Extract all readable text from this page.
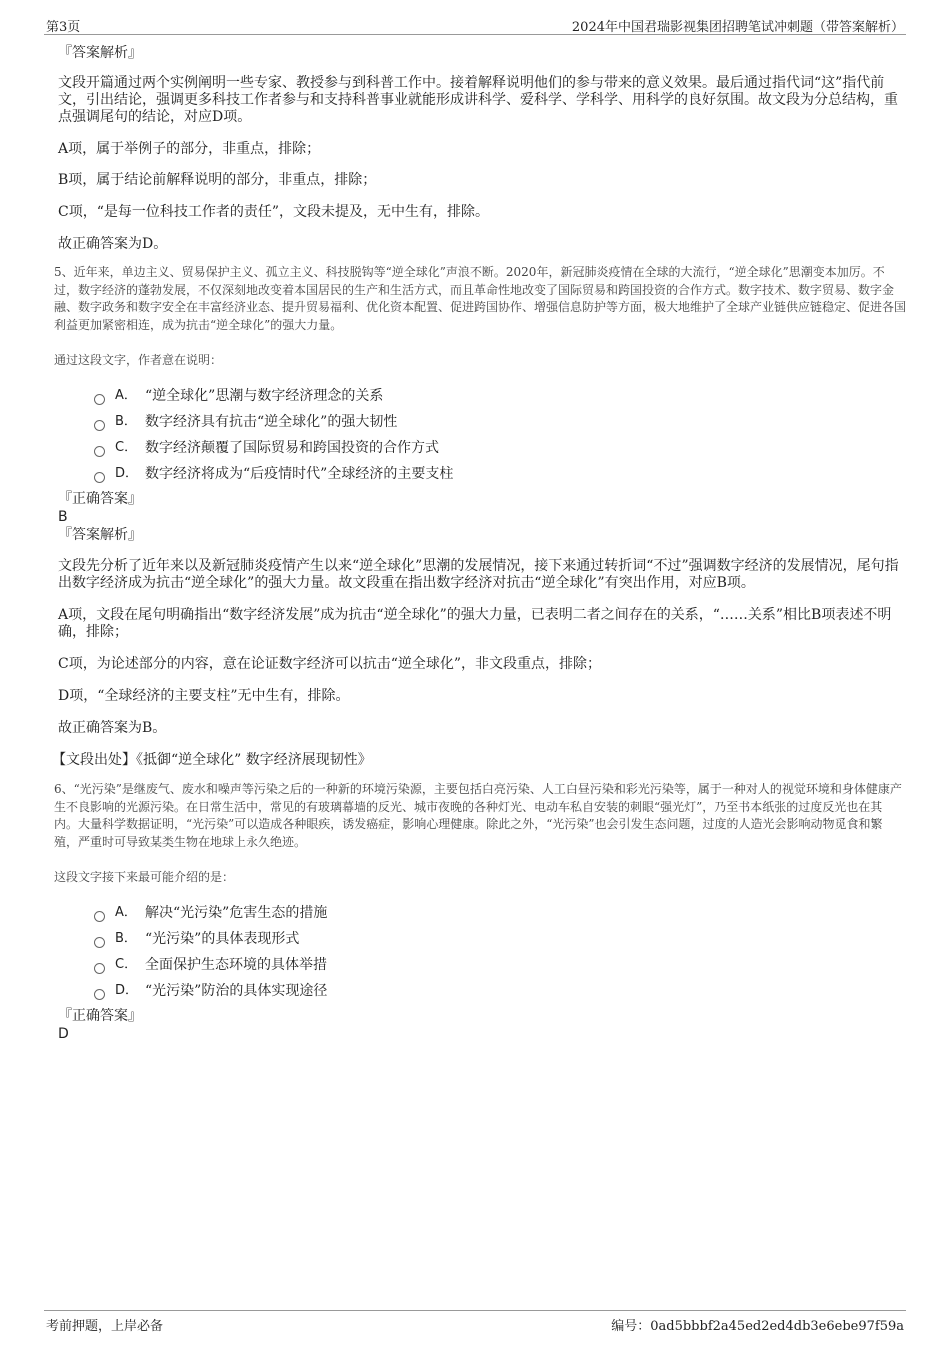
第3页	2024年中国君瑞影视集团招聘笔试冲刺题（带答案解析）
『答案解析』
文段开篇通过两个实例阐明一些专家、教授参与到科普工作中。接着解释说明他们的参与带来的意义效果。最后通过指代词“这”指代前文，引出结论，强调更多科技工作者参与和支持科普事业就能形成讲科学、爱科学、学科学、用科学的良好氛围。故文段为分总结构，重点强调尾句的结论，对应D项。
A项，属于举例子的部分，非重点，排除；
B项，属于结论前解释说明的部分，非重点，排除；
C项，“是每一位科技工作者的责任”，文段未提及，无中生有，排除。
故正确答案为D。
5、近年来，单边主义、贸易保护主义、孤立主义、科技脱钩等“逆全球化”声浪不断。2020年，新冠肺炎疫情在全球的大流行，“逆全球化”思潮变本加厉。不过，数字经济的蓬勃发展，不仅深刻地改变着本国居民的生产和生活方式，而且革命性地改变了国际贸易和跨国投资的合作方式。数字技术、数字贸易、数字金融、数字政务和数字安全在丰富经济业态、提升贸易福利、优化资本配置、促进跨国协作、增强信息防护等方面，极大地维护了全球产业链供应链稳定、促进各国利益更加紧密相连，成为抗击“逆全球化”的强大力量。
通过这段文字，作者意在说明：
A． “逆全球化”思潮与数字经济理念的关系
B． 数字经济具有抗击“逆全球化”的强大韧性
C． 数字经济颠覆了国际贸易和跨国投资的合作方式
D． 数字经济将成为“后疫情时代”全球经济的主要支柱
『正确答案』
B
『答案解析』
文段先分析了近年来以及新冠肺炎疫情产生以来“逆全球化”思潮的发展情况，接下来通过转折词“不过”强调数字经济的发展情况，尾句指出数字经济成为抗击“逆全球化”的强大力量。故文段重在指出数字经济对抗击“逆全球化”有突出作用，对应B项。
A项，文段在尾句明确指出“数字经济发展”成为抗击“逆全球化”的强大力量，已表明二者之间存在的关系，“……关系”相比B项表述不明确，排除；
C项，为论述部分的内容，意在论证数字经济可以抗击“逆全球化”，非文段重点，排除；
D项，“全球经济的主要支柱”无中生有，排除。
故正确答案为B。
【文段出处】《抵御“逆全球化” 数字经济展现韧性》
6、“光污染”是继废气、废水和噪声等污染之后的一种新的环境污染源，主要包括白亮污染、人工白昼污染和彩光污染等，属于一种对人的视觉环境和身体健康产生不良影响的光源污染。在日常生活中，常见的有玻璃幕墙的反光、城市夜晚的各种灯光、电动车私自安装的刺眼“强光灯”，乃至书本纸张的过度反光也在其内。大量科学数据证明，“光污染”可以造成各种眼疾，诱发癌症，影响心理健康。除此之外，“光污染”也会引发生态问题，过度的人造光会影响动物觅食和繁殖，严重时可导致某类生物在地球上永久绝迹。
这段文字接下来最可能介绍的是：
A． 解决“光污染”危害生态的措施
B． “光污染”的具体表现形式
C． 全面保护生态环境的具体举措
D． “光污染”防治的具体实现途径
『正确答案』
D
考前押题，上岸必备	编号：0ad5bbbf2a45ed2ed4db3e6ebe97f59a
